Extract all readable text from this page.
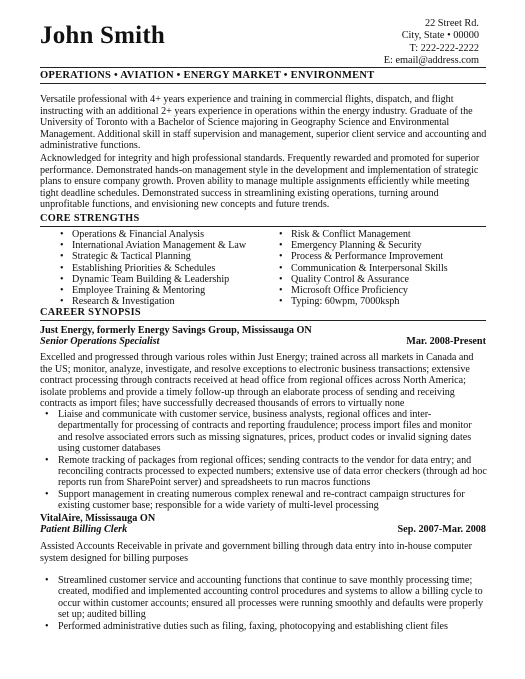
John Smith	22 Street Rd.
City, State • 00000
T: 222-222-2222
E: email@address.com
OPERATIONS • AVIATION • ENERGY MARKET • ENVIRONMENT

Versatile professional with 4+ years experience and training in commercial flights, dispatch, and flight instructing with an additional 2+ years experience in operations within the energy industry. Graduate of the University of Toronto with a Bachelor of Science majoring in Geography Science and Environmental Management. Additional skill in staff supervision and management, superior client service and accounting and administrative functions.

Acknowledged for integrity and high professional standards. Frequently rewarded and promoted for superior performance. Demonstrated hands-on management style in the development and implementation of strategic plans to ensure company growth. Proven ability to manage multiple assignments efficiently while meeting tight deadline schedules. Demonstrated success in streamlining existing operations, turning around unprofitable functions, and envisioning new concepts and future trends.

CORE STRENGTHS
• Operations & Financial Analysis
• International Aviation Management & Law
• Strategic & Tactical Planning
• Establishing Priorities & Schedules
• Dynamic Team Building & Leadership
• Employee Training & Mentoring
• Research & Investigation
• Risk & Conflict Management
• Emergency Planning & Security
• Process & Performance Improvement
• Communication & Interpersonal Skills
• Quality Control & Assurance
• Microsoft Office Proficiency
• Typing: 60wpm, 7000ksph
CAREER SYNOPSIS
Just Energy, formerly Energy Savings Group, Mississauga ON
Senior Operations Specialist	Mar. 2008-Present

Excelled and progressed through various roles within Just Energy; trained across all markets in Canada and the US; monitor, analyze, investigate, and resolve exceptions to electronic business transactions; extensive contract processing through contracts received at head office from regional offices across North America; isolate problems and provide a timely follow-up through an elaborate process of sending and receiving contracts as import files; have successfully decreased thousands of errors to virtually none

• Liaise and communicate with customer service, business analysts, regional offices and inter-departmentally for processing of contracts and reporting fraudulence; process import files and monitor and resolve associated errors such as missing signatures, prices, product codes or invalid signing dates using customer databases
• Remote tracking of packages from regional offices; sending contracts to the vendor for data entry; and reconciling contracts processed to expected numbers; extensive use of data error checkers (through ad hoc reports run from SharePoint server) and spreadsheets to run macros functions
• Support management in creating numerous complex renewal and re-contract campaign structures for existing customer base; responsible for a wide variety of multi-level processing
VitalAire, Mississauga ON
Patient Billing Clerk	Sep. 2007-Mar. 2008

Assisted Accounts Receivable in private and government billing through data entry into in-house computer system designed for billing purposes

• Streamlined customer service and accounting functions that continue to save monthly processing time; created, modified and implemented accounting control procedures and systems to allow a billing cycle to occur within customer accounts; ensured all processes were running smoothly and defaults were properly set up; audited billing
• Performed administrative duties such as filing, faxing, photocopying and establishing client files
